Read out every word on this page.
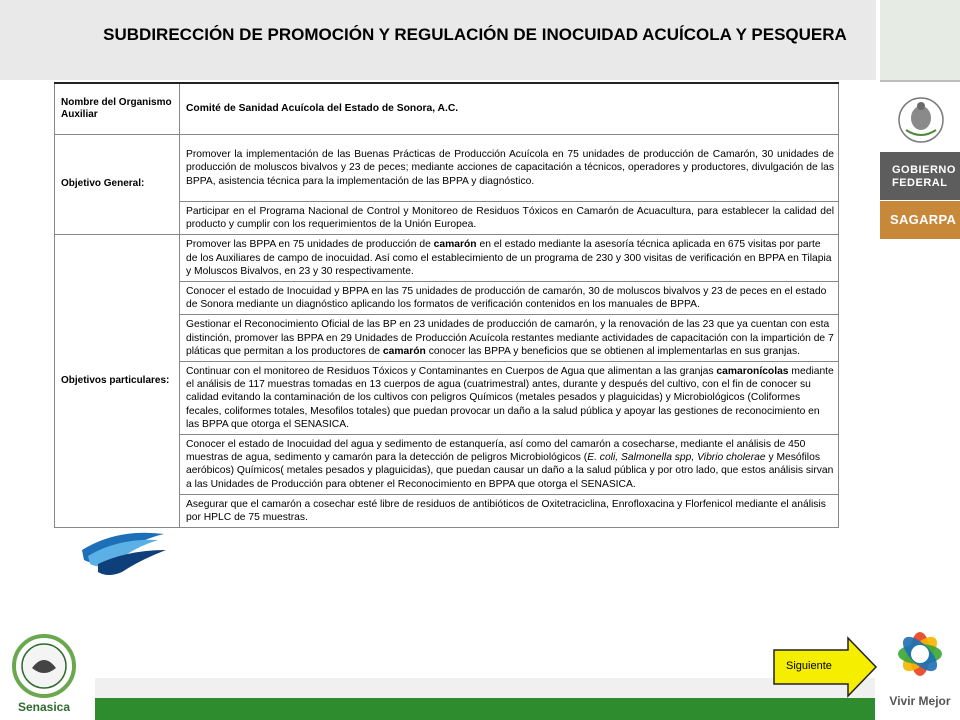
SUBDIRECCIÓN DE PROMOCIÓN Y REGULACIÓN DE INOCUIDAD ACUÍCOLA Y PESQUERA
GOBIERNO
FEDERAL
SAGARPA
Nombre del Organismo Auxiliar	Comité de Sanidad Acuícola del Estado de Sonora, A.C.
Objetivo General:	Promover la implementación de las Buenas Prácticas de Producción Acuícola en 75 unidades de producción de Camarón, 30 unidades de producción de moluscos bivalvos y 23 de peces; mediante acciones de capacitación a técnicos, operadores y productores, divulgación de las BPPA, asistencia técnica para la implementación de las BPPA y diagnóstico.
	Participar en el Programa Nacional de Control y Monitoreo de Residuos Tóxicos en Camarón de Acuacultura, para establecer la calidad del producto y cumplir con los requerimientos de la Unión Europea.
Objetivos particulares:	Promover las BPPA en 75 unidades de producción de camarón en el estado mediante la asesoría técnica aplicada en 675 visitas por parte de los Auxiliares de campo de inocuidad. Así como el establecimiento de un programa de 230 y 300 visitas de verificación en BPPA en Tilapia y Moluscos Bivalvos, en 23 y 30 respectivamente.
	Conocer el estado de Inocuidad y BPPA en las 75 unidades de producción de camarón, 30 de moluscos bivalvos y 23 de peces en el estado de Sonora mediante un diagnóstico aplicando los formatos de verificación contenidos en los manuales de BPPA.
	Gestionar el Reconocimiento Oficial de las BP en 23 unidades de producción de camarón, y la renovación de las 23 que ya cuentan con esta distinción, promover las BPPA en 29 Unidades de Producción Acuícola restantes mediante actividades de capacitación con la impartición de 7 pláticas que permitan a los productores de camarón conocer las BPPA y beneficios que se obtienen al implementarlas en sus granjas.
	Continuar con el monitoreo de Residuos Tóxicos y Contaminantes en Cuerpos de Agua que alimentan a las granjas camaronícolas mediante el análisis de 117 muestras tomadas en 13 cuerpos de agua (cuatrimestral) antes, durante y después del cultivo, con el fin de conocer su calidad evitando la contaminación de los cultivos con peligros Químicos (metales pesados y plaguicidas) y Microbiológicos (Coliformes fecales, coliformes totales, Mesofilos totales) que puedan provocar un daño a la salud pública y apoyar las gestiones de reconocimiento en las BPPA que otorga el SENASICA.
	Conocer el estado de Inocuidad del agua y sedimento de estanquería, así como del camarón a cosecharse, mediante el análisis de 450 muestras de agua, sedimento y camarón para la detección de peligros Microbiológicos (E. coli, Salmonella spp, Vibrio cholerae y Mesófilos aeróbicos) Químicos( metales pesados y plaguicidas), que puedan causar un daño a la salud pública y por otro lado, que estos análisis sirvan a las Unidades de Producción para obtener el Reconocimiento en BPPA que otorga el SENASICA.
	Asegurar que el camarón a cosechar esté libre de residuos de antibióticos de Oxitetraciclina, Enrofloxacina y Florfenicol mediante el análisis por HPLC de 75 muestras.
Senasica
Siguiente
Vivir Mejor
